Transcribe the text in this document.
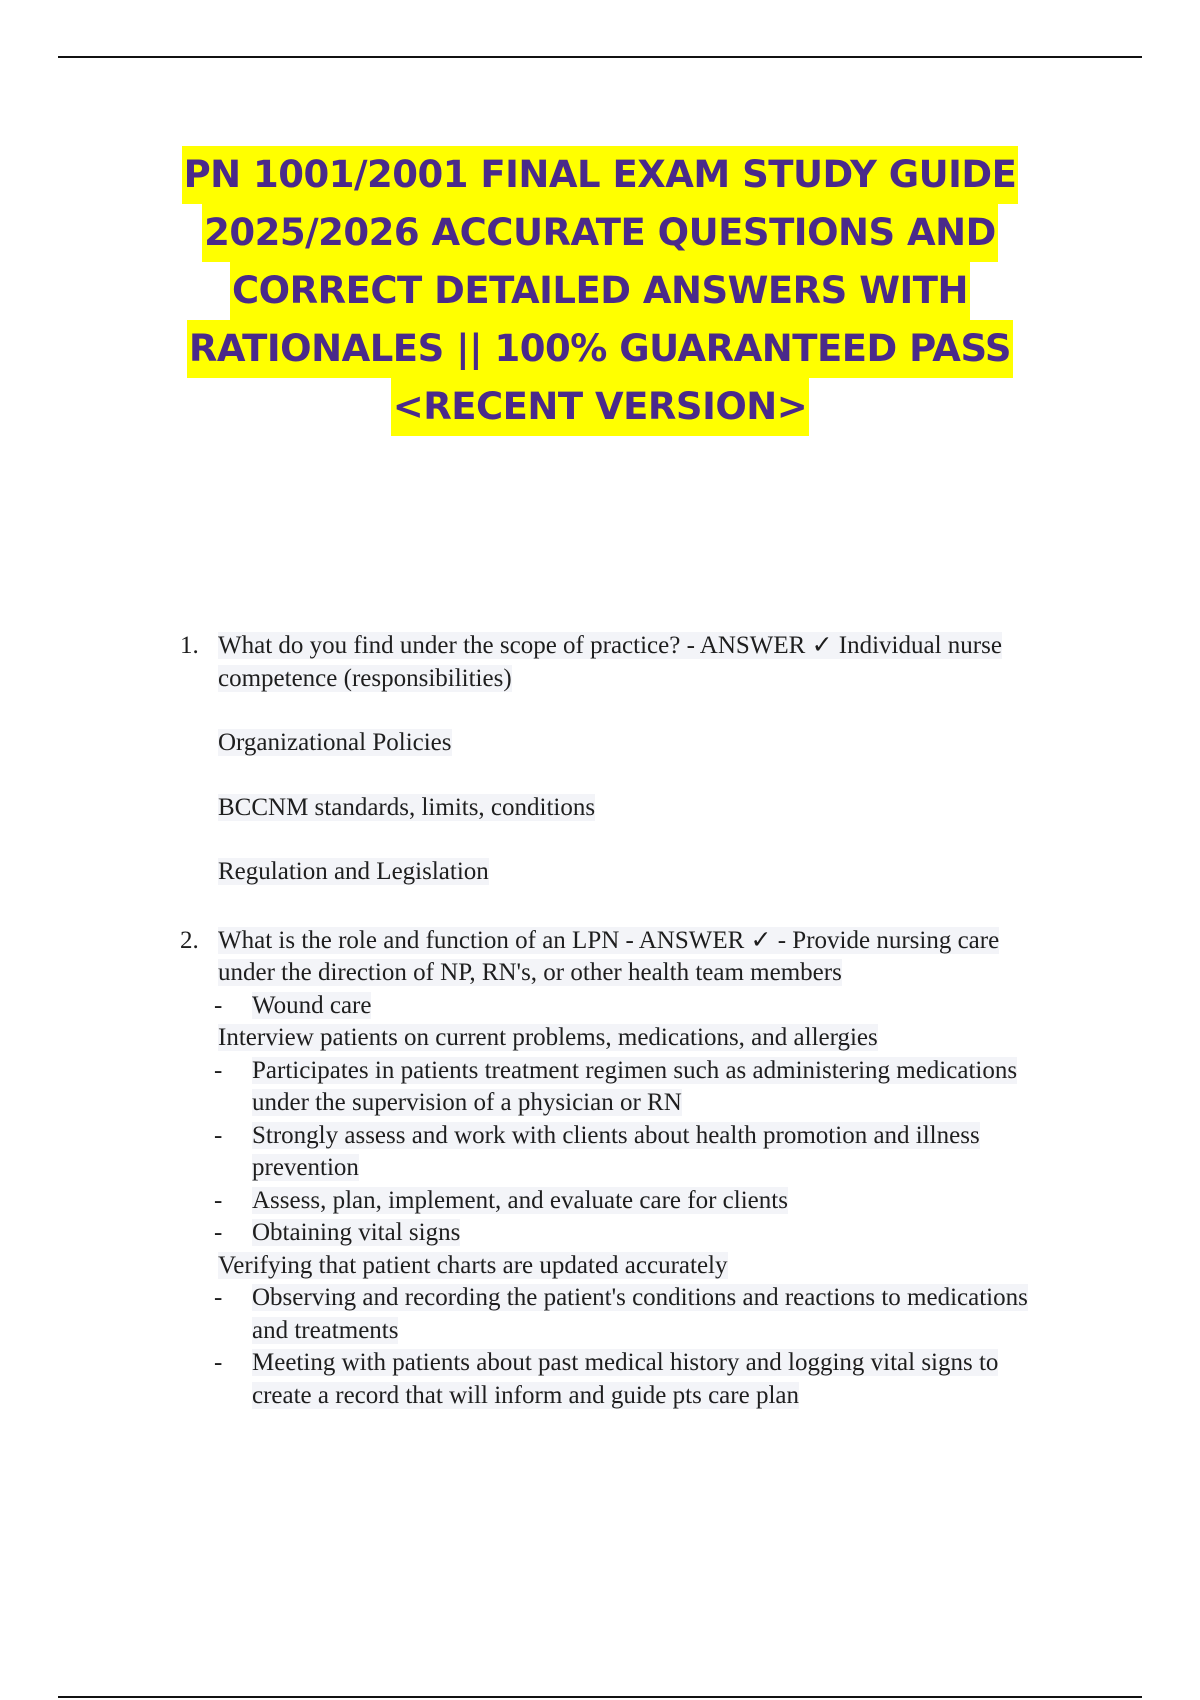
PN 1001/2001 FINAL EXAM STUDY GUIDE
2025/2026 ACCURATE QUESTIONS AND
CORRECT DETAILED ANSWERS WITH
RATIONALES || 100% GUARANTEED PASS
<RECENT VERSION>
1. What do you find under the scope of practice? - ANSWER ✓ Individual nurse competence (responsibilities)
Organizational Policies
BCCNM standards, limits, conditions
Regulation and Legislation
2. What is the role and function of an LPN - ANSWER ✓ - Provide nursing care under the direction of NP, RN's, or other health team members
- Wound care
Interview patients on current problems, medications, and allergies
- Participates in patients treatment regimen such as administering medications under the supervision of a physician or RN
- Strongly assess and work with clients about health promotion and illness prevention
- Assess, plan, implement, and evaluate care for clients
- Obtaining vital signs
Verifying that patient charts are updated accurately
- Observing and recording the patient's conditions and reactions to medications and treatments
- Meeting with patients about past medical history and logging vital signs to create a record that will inform and guide pts care plan
